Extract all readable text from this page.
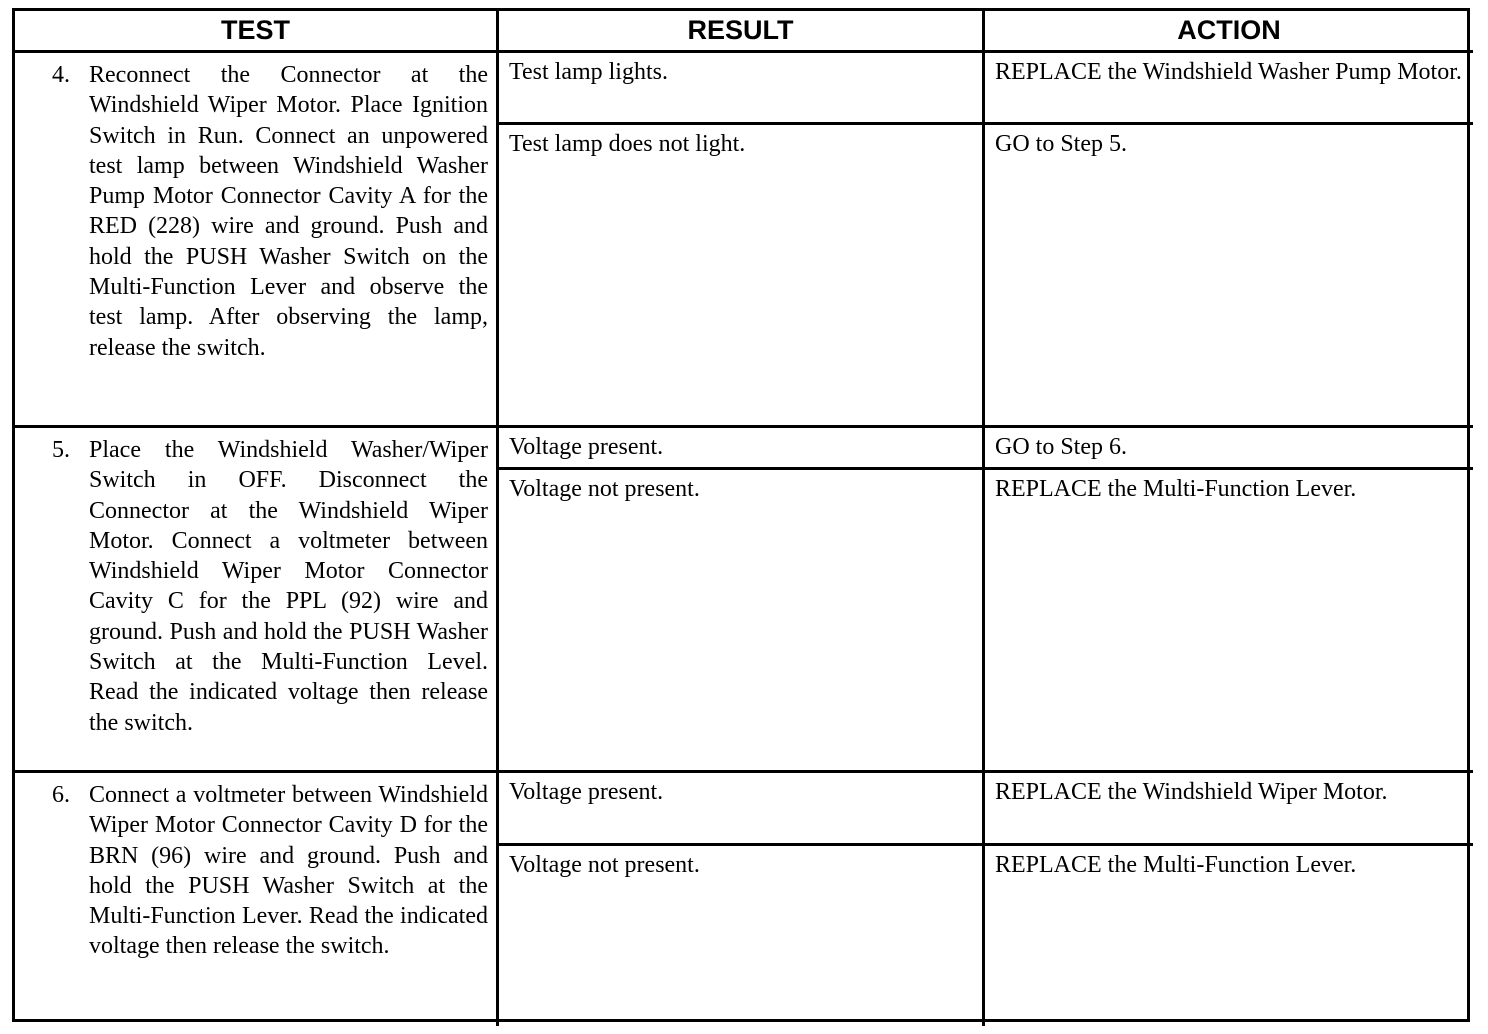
TEST	RESULT	ACTION
4. Reconnect the Connector at the Windshield Wiper Motor. Place Ignition Switch in Run. Connect an unpowered test lamp between Windshield Washer Pump Motor Connector Cavity A for the RED (228) wire and ground. Push and hold the PUSH Washer Switch on the Multi-Function Lever and observe the test lamp. After observing the lamp, release the switch.
Test lamp lights.	REPLACE the Windshield Washer Pump Motor.
Test lamp does not light.	GO to Step 5.
5. Place the Windshield Washer/Wiper Switch in OFF. Disconnect the Connector at the Windshield Wiper Motor. Connect a voltmeter between Windshield Wiper Motor Connector Cavity C for the PPL (92) wire and ground. Push and hold the PUSH Washer Switch at the Multi-Function Level. Read the indicated voltage then release the switch.
Voltage present.	GO to Step 6.
Voltage not present.	REPLACE the Multi-Function Lever.
6. Connect a voltmeter between Windshield Wiper Motor Connector Cavity D for the BRN (96) wire and ground. Push and hold the PUSH Washer Switch at the Multi-Function Lever. Read the indicated voltage then release the switch.
Voltage present.	REPLACE the Windshield Wiper Motor.
Voltage not present.	REPLACE the Multi-Function Lever.
